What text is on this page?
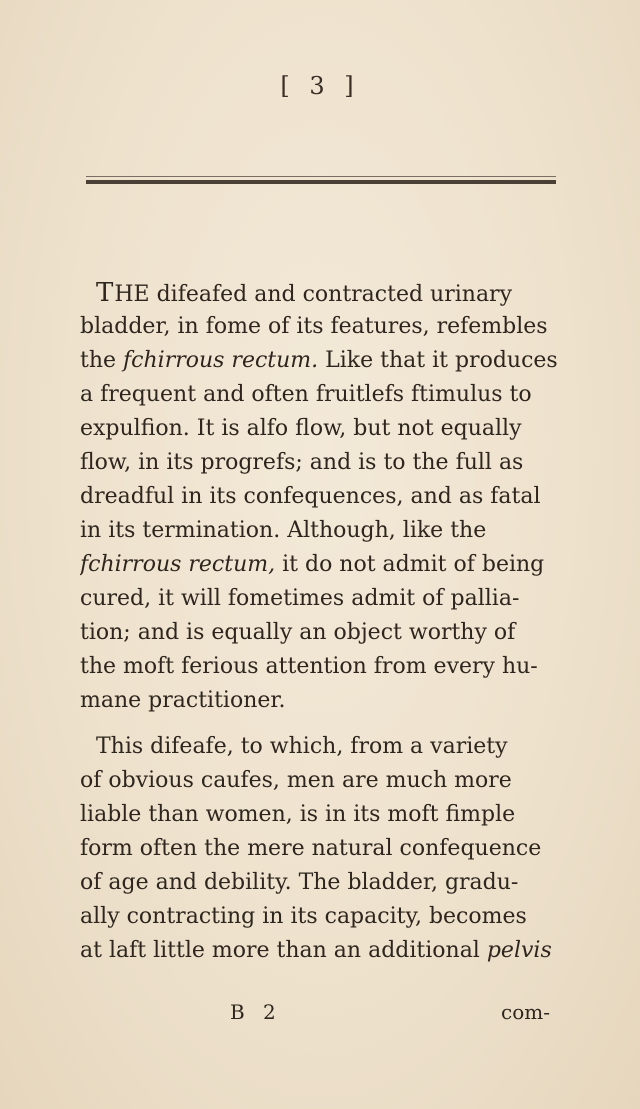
[ 3 ]
THE difeafed and contracted urinary
bladder, in fome of its features, refembles
the fchirrous rectum. Like that it produces
a frequent and often fruitlefs ftimulus to
expulfion. It is alfo flow, but not equally
flow, in its progrefs; and is to the full as
dreadful in its confequences, and as fatal
in its termination. Although, like the
fchirrous rectum, it do not admit of being
cured, it will fometimes admit of pallia-
tion; and is equally an object worthy of
the moft ferious attention from every hu-
mane practitioner.
This difeafe, to which, from a variety
of obvious caufes, men are much more
liable than women, is in its moft fimple
form often the mere natural confequence
of age and debility. The bladder, gradu-
ally contracting in its capacity, becomes
at laft little more than an additional pelvis
B 2	com-
